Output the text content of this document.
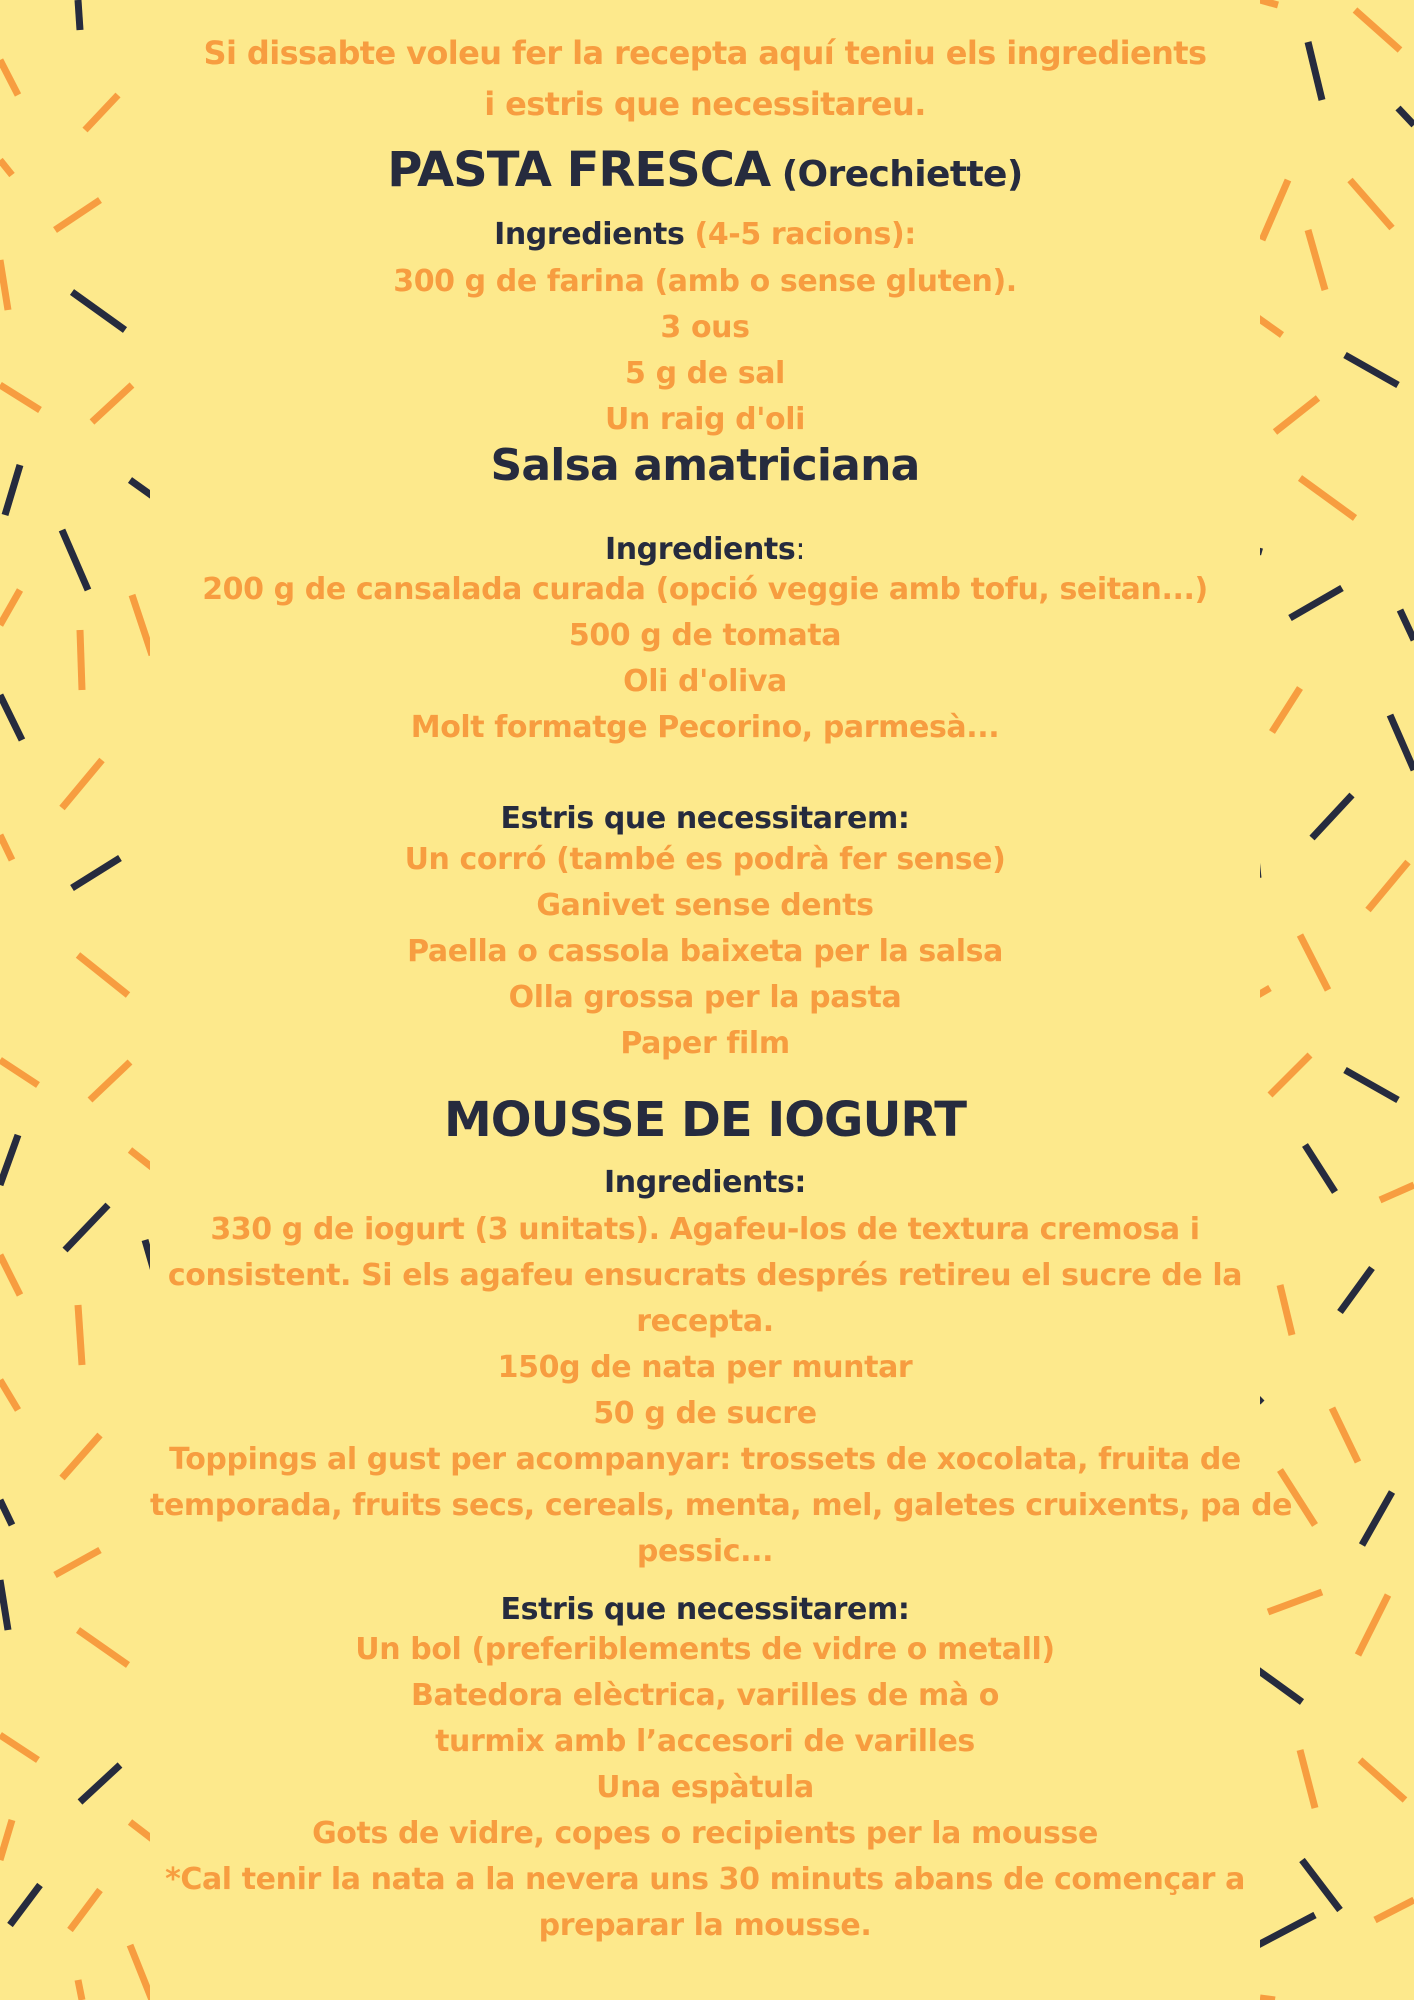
Si dissabte voleu fer la recepta aquí teniu els ingredients
i estris que necessitareu.
PASTA FRESCA (Orechiette)
Ingredients (4-5 racions):
300 g de farina (amb o sense gluten).
3 ous
5 g de sal
Un raig d'oli
Salsa amatriciana
Ingredients:
200 g de cansalada curada (opció veggie amb tofu, seitan...)
500 g de tomata
Oli d'oliva
Molt formatge Pecorino, parmesà...
Estris que necessitarem:
Un corró (també es podrà fer sense)
Ganivet sense dents
Paella o cassola baixeta per la salsa
Olla grossa per la pasta
Paper film
MOUSSE DE IOGURT
Ingredients:
330 g de iogurt (3 unitats). Agafeu-los de textura cremosa i
consistent. Si els agafeu ensucrats després retireu el sucre de la
recepta.
150g de nata per muntar
50 g de sucre
Toppings al gust per acompanyar: trossets de xocolata, fruita de
temporada, fruits secs, cereals, menta, mel, galetes cruixents, pa de
pessic...
Estris que necessitarem:
Un bol (preferiblements de vidre o metall)
Batedora elèctrica, varilles de mà o
turmix amb l’accesori de varilles
Una espàtula
Gots de vidre, copes o recipients per la mousse
*Cal tenir la nata a la nevera uns 30 minuts abans de començar a
preparar la mousse.
